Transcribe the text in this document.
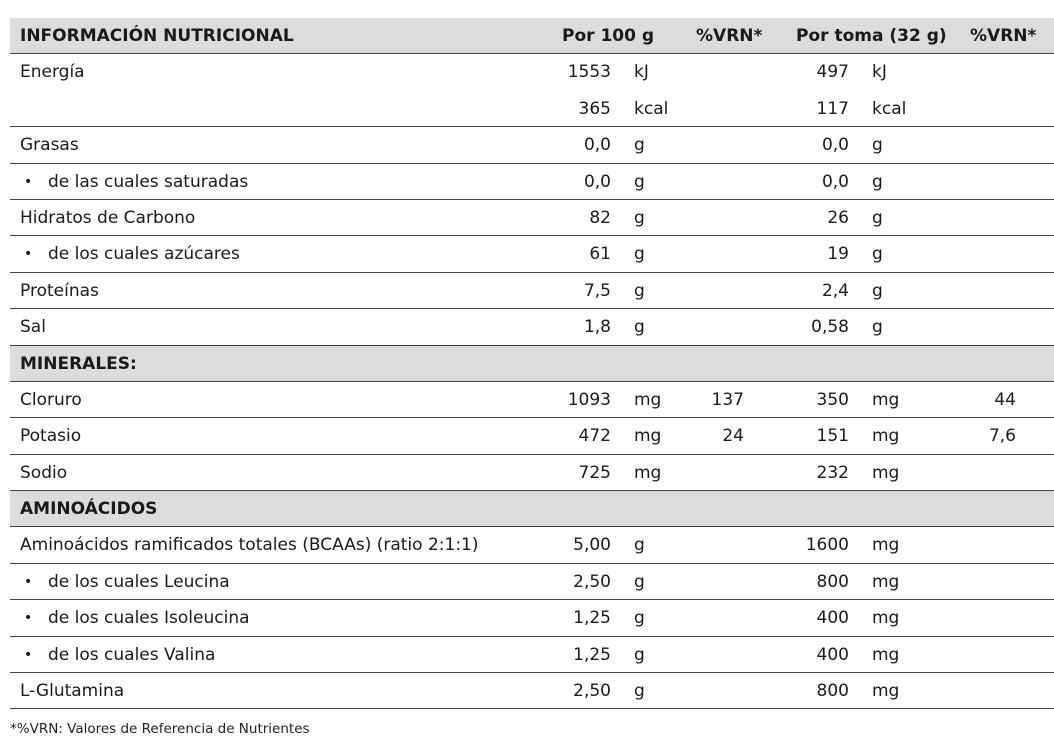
INFORMACIÓN NUTRICIONAL	Por 100 g %VRN* Por toma (32 g) %VRN*
Energía	1553 kJ	497 kJ
365 kcal	117 kcal
Grasas	0,0 g	0,0 g
• de las cuales saturadas	0,0 g	0,0 g
Hidratos de Carbono	82 g	26 g
• de los cuales azúcares	61 g	19 g
Proteínas	7,5 g	2,4 g
Sal	1,8 g	0,58 g
MINERALES:
Cloruro	1093 mg	137	350 mg	44
Potasio	472 mg	24	151 mg	7,6
Sodio	725 mg	232 mg
AMINOÁCIDOS
Aminoácidos ramificados totales (BCAAs) (ratio 2:1:1)	5,00 g	1600 mg
• de los cuales Leucina	2,50 g	800 mg
• de los cuales Isoleucina	1,25 g	400 mg
• de los cuales Valina	1,25 g	400 mg
L-Glutamina	2,50 g	800 mg
*%VRN: Valores de Referencia de Nutrientes
